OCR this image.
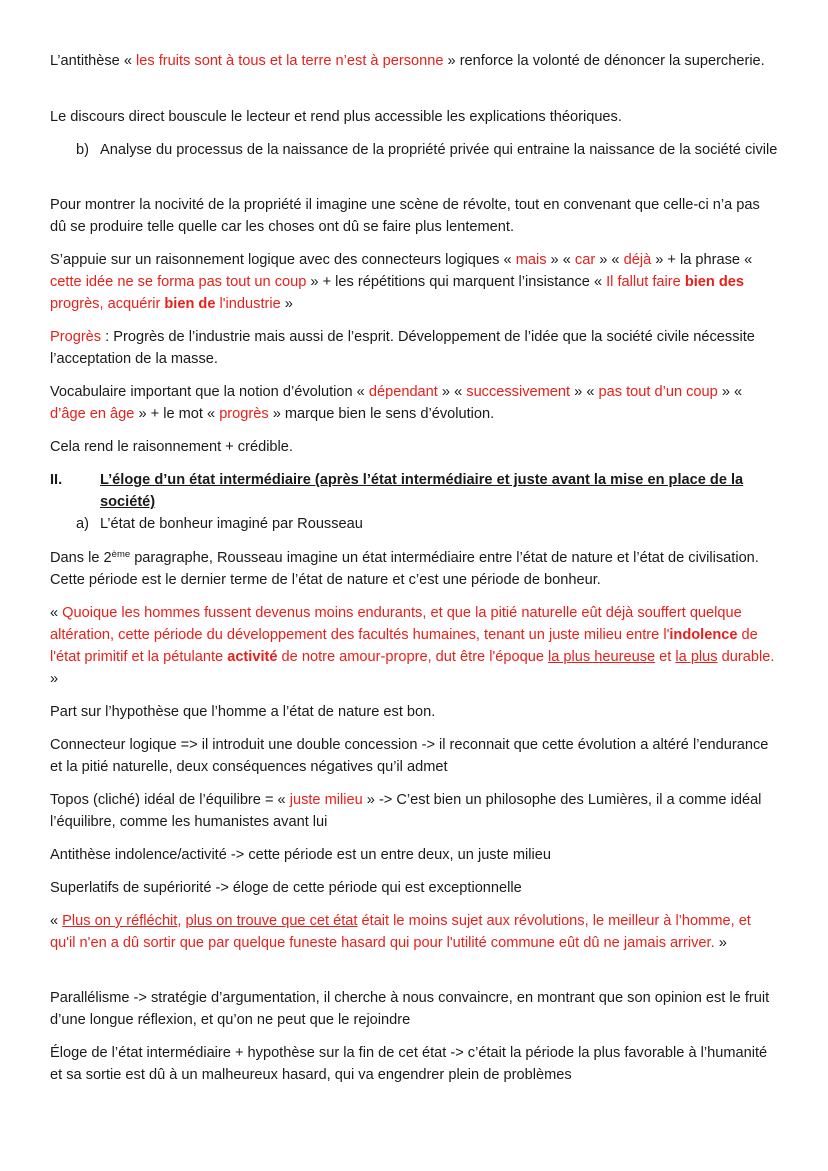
L’antithèse « les fruits sont à tous et la terre n’est à personne » renforce la volonté de dénoncer la supercherie.

Le discours direct bouscule le lecteur et rend plus accessible les explications théoriques.

b) Analyse du processus de la naissance de la propriété privée qui entraine la naissance de la société civile

Pour montrer la nocivité de la propriété il imagine une scène de révolte, tout en convenant que celle-ci n’a pas dû se produire telle quelle car les choses ont dû se faire plus lentement.

S’appuie sur un raisonnement logique avec des connecteurs logiques « mais » « car » « déjà » + la phrase « cette idée ne se forma pas tout un coup » + les répétitions qui marquent l’insistance « Il fallut faire bien des progrès, acquérir bien de l'industrie »

Progrès : Progrès de l’industrie mais aussi de l’esprit. Développement de l’idée que la société civile nécessite l’acceptation de la masse.

Vocabulaire important que la notion d’évolution « dépendant » « successivement » « pas tout d’un coup » « d’âge en âge » + le mot « progrès » marque bien le sens d’évolution.

Cela rend le raisonnement + crédible.

II.	L’éloge d’un état intermédiaire (après l’état intermédiaire et juste avant la mise en place de la société)

a) L’état de bonheur imaginé par Rousseau

Dans le 2ème paragraphe, Rousseau imagine un état intermédiaire entre l’état de nature et l’état de civilisation. Cette période est le dernier terme de l’état de nature et c’est une période de bonheur.

« Quoique les hommes fussent devenus moins endurants, et que la pitié naturelle eût déjà souffert quelque altération, cette période du développement des facultés humaines, tenant un juste milieu entre l'indolence de l'état primitif et la pétulante activité de notre amour-propre, dut être l'époque la plus heureuse et la plus durable. »

Part sur l’hypothèse que l’homme a l’état de nature est bon.

Connecteur logique => il introduit une double concession -> il reconnait que cette évolution a altéré l’endurance et la pitié naturelle, deux conséquences négatives qu’il admet

Topos (cliché) idéal de l’équilibre = « juste milieu » -> C’est bien un philosophe des Lumières, il a comme idéal l’équilibre, comme les humanistes avant lui

Antithèse indolence/activité -> cette période est un entre deux, un juste milieu

Superlatifs de supériorité -> éloge de cette période qui est exceptionnelle

« Plus on y réfléchit, plus on trouve que cet état était le moins sujet aux révolutions, le meilleur à l’homme, et qu'il n'en a dû sortir que par quelque funeste hasard qui pour l'utilité commune eût dû ne jamais arriver. »

Parallélisme -> stratégie d’argumentation, il cherche à nous convaincre, en montrant que son opinion est le fruit d’une longue réflexion, et qu’on ne peut que le rejoindre

Éloge de l’état intermédiaire + hypothèse sur la fin de cet état -> c’était la période la plus favorable à l’humanité et sa sortie est dû à un malheureux hasard, qui va engendrer plein de problèmes
